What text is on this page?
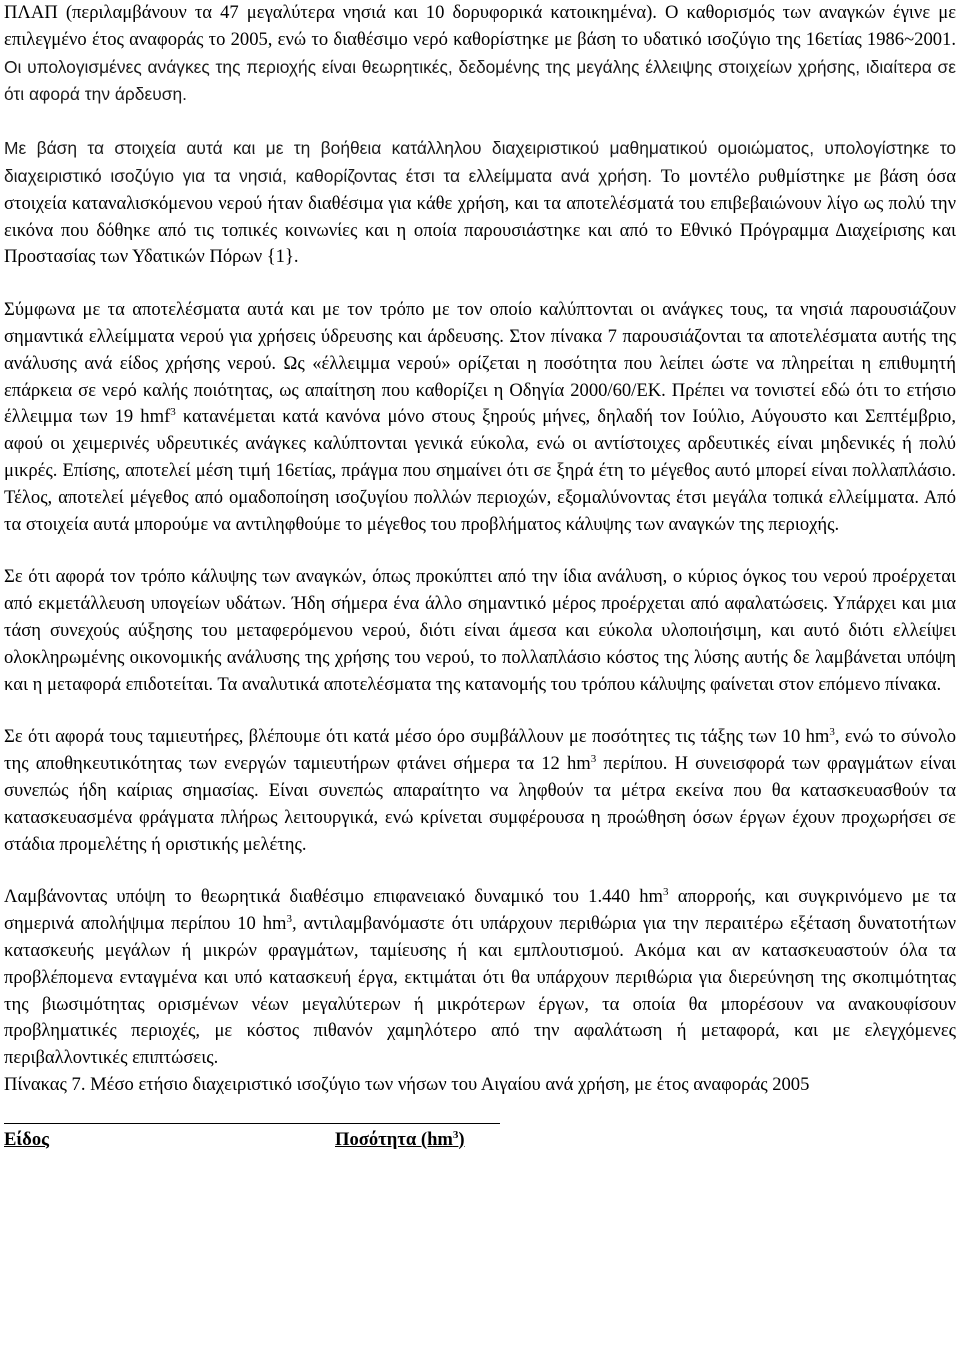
ΠΛΑΠ (περιλαμβάνουν τα 47 μεγαλύτερα νησιά και 10 δορυφορικά κατοικημένα). Ο καθορισμός των αναγκών έγινε με επιλεγμένο έτος αναφοράς το 2005, ενώ το διαθέσιμο νερό καθορίστηκε με βάση το υδατικό ισοζύγιο της 16ετίας 1986~2001. Οι υπολογισμένες ανάγκες της περιοχής είναι θεωρητικές, δεδομένης της μεγάλης έλλειψης στοιχείων χρήσης, ιδιαίτερα σε ότι αφορά την άρδευση.

Με βάση τα στοιχεία αυτά και με τη βοήθεια κατάλληλου διαχειριστικού μαθηματικού ομοιώματος, υπολογίστηκε το διαχειριστικό ισοζύγιο για τα νησιά, καθορίζοντας έτσι τα ελλείμματα ανά χρήση. Το μοντέλο ρυθμίστηκε με βάση όσα στοιχεία καταναλισκόμενου νερού ήταν διαθέσιμα για κάθε χρήση, και τα αποτελέσματά του επιβεβαιώνουν λίγο ως πολύ την εικόνα που δόθηκε από τις τοπικές κοινωνίες και η οποία παρουσιάστηκε και από το Εθνικό Πρόγραμμα Διαχείρισης και Προστασίας των Υδατικών Πόρων {1}.

Σύμφωνα με τα αποτελέσματα αυτά και με τον τρόπο με τον οποίο καλύπτονται οι ανάγκες τους, τα νησιά παρουσιάζουν σημαντικά ελλείμματα νερού για χρήσεις ύδρευσης και άρδευσης. Στον πίνακα 7 παρουσιάζονται τα αποτελέσματα αυτής της ανάλυσης ανά είδος χρήσης νερού. Ως «έλλειμμα νερού» ορίζεται η ποσότητα που λείπει ώστε να πληρείται η επιθυμητή επάρκεια σε νερό καλής ποιότητας, ως απαίτηση που καθορίζει η Οδηγία 2000/60/ΕΚ. Πρέπει να τονιστεί εδώ ότι το ετήσιο έλλειμμα των 19 hmf$^3$ κατανέμεται κατά κανόνα μόνο στους ξηρούς μήνες, δηλαδή τον Ιούλιο, Αύγουστο και Σεπτέμβριο, αφού οι χειμερινές υδρευτικές ανάγκες καλύπτονται γενικά εύκολα, ενώ οι αντίστοιχες αρδευτικές είναι μηδενικές ή πολύ μικρές. Επίσης, αποτελεί μέση τιμή 16ετίας, πράγμα που σημαίνει ότι σε ξηρά έτη το μέγεθος αυτό μπορεί είναι πολλαπλάσιο. Τέλος, αποτελεί μέγεθος από ομαδοποίηση ισοζυγίου πολλών περιοχών, εξομαλύνοντας έτσι μεγάλα τοπικά ελλείμματα. Από τα στοιχεία αυτά μπορούμε να αντιληφθούμε το μέγεθος του προβλήματος κάλυψης των αναγκών της περιοχής.

Σε ότι αφορά τον τρόπο κάλυψης των αναγκών, όπως προκύπτει από την ίδια ανάλυση, ο κύριος όγκος του νερού προέρχεται από εκμετάλλευση υπογείων υδάτων. Ήδη σήμερα ένα άλλο σημαντικό μέρος προέρχεται από αφαλατώσεις. Υπάρχει και μια τάση συνεχούς αύξησης του μεταφερόμενου νερού, διότι είναι άμεσα και εύκολα υλοποιήσιμη, και αυτό διότι ελλείψει ολοκληρωμένης οικονομικής ανάλυσης της χρήσης του νερού, το πολλαπλάσιο κόστος της λύσης αυτής δε λαμβάνεται υπόψη και η μεταφορά επιδοτείται. Τα αναλυτικά αποτελέσματα της κατανομής του τρόπου κάλυψης φαίνεται στον επόμενο πίνακα.

Σε ότι αφορά τους ταμιευτήρες, βλέπουμε ότι κατά μέσο όρο συμβάλλουν με ποσότητες τις τάξης των 10 $hm^3$, ενώ το σύνολο της αποθηκευτικότητας των ενεργών ταμιευτήρων φτάνει σήμερα τα 12 $hm^3$ περίπου. Η συνεισφορά των φραγμάτων είναι συνεπώς ήδη καίριας σημασίας. Είναι συνεπώς απαραίτητο να ληφθούν τα μέτρα εκείνα που θα κατασκευασθούν τα κατασκευασμένα φράγματα πλήρως λειτουργικά, ενώ κρίνεται συμφέρουσα η προώθηση όσων έργων έχουν προχωρήσει σε στάδια προμελέτης ή οριστικής μελέτης.

Λαμβάνοντας υπόψη το θεωρητικά διαθέσιμο επιφανειακό δυναμικό του 1.440 $hm^3$ απορροής, και συγκρινόμενο με τα σημερινά απολήψιμα περίπου 10 $hm^3$, αντιλαμβανόμαστε ότι υπάρχουν περιθώρια για την περαιτέρω εξέταση δυνατοτήτων κατασκευής μεγάλων ή μικρών φραγμάτων, ταμίευσης ή και εμπλουτισμού. Ακόμα και αν κατασκευαστούν όλα τα προβλέπομενα ενταγμένα και υπό κατασκευή έργα, εκτιμάται ότι θα υπάρχουν περιθώρια για διερεύνηση της σκοπιμότητας της βιωσιμότητας ορισμένων νέων μεγαλύτερων ή μικρότερων έργων, τα οποία θα μπορέσουν να ανακουφίσουν προβληματικές περιοχές, με κόστος πιθανόν χαμηλότερο από την αφαλάτωση ή μεταφορά, και με ελεγχόμενες περιβαλλοντικές επιπτώσεις.

Πίνακας 7. Μέσο ετήσιο διαχειριστικό ισοζύγιο των νήσων του Αιγαίου ανά χρήση, με έτος αναφοράς 2005

Είδος	Ποσότητα $(hm^3)$
